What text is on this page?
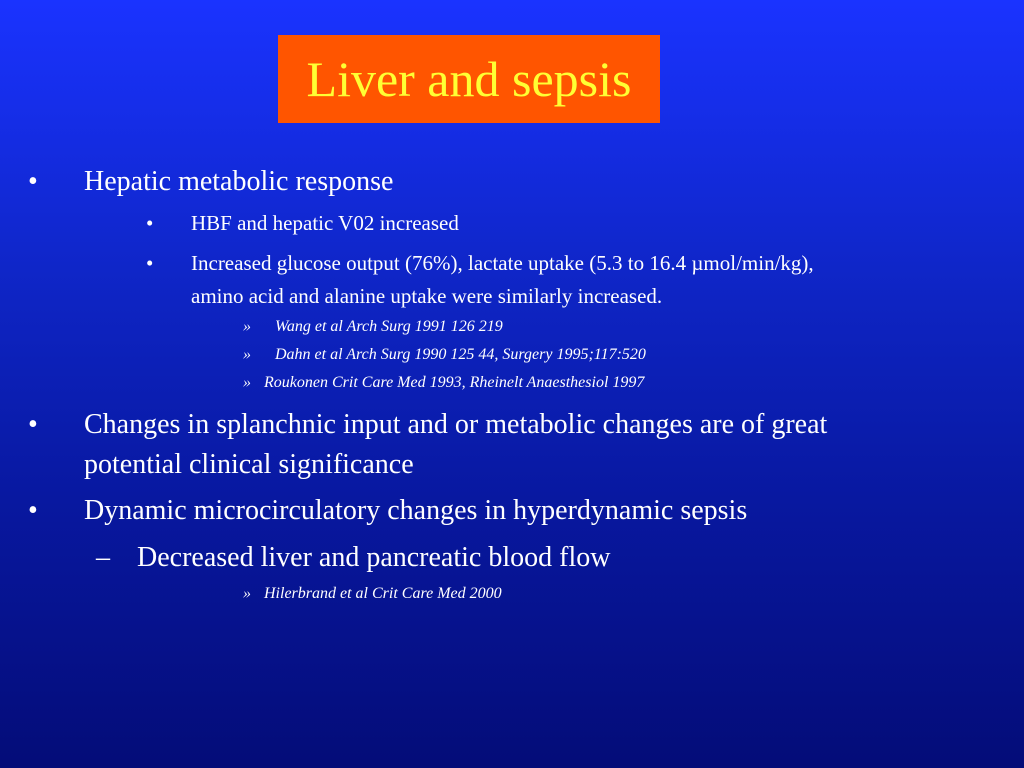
Liver and sepsis
• Hepatic metabolic response
• HBF and hepatic V02 increased
• Increased glucose output (76%), lactate uptake (5.3 to 16.4 µmol/min/kg),
amino acid and alanine uptake were similarly increased.
» Wang et al Arch Surg 1991 126 219
» Dahn et al Arch Surg 1990 125 44, Surgery 1995;117:520
» Roukonen Crit Care Med 1993, Rheinelt Anaesthesiol 1997
• Changes in splanchnic input and or metabolic changes are of great
potential clinical significance
• Dynamic microcirculatory changes in hyperdynamic sepsis
– Decreased liver and pancreatic blood flow
» Hilerbrand et al Crit Care Med 2000
